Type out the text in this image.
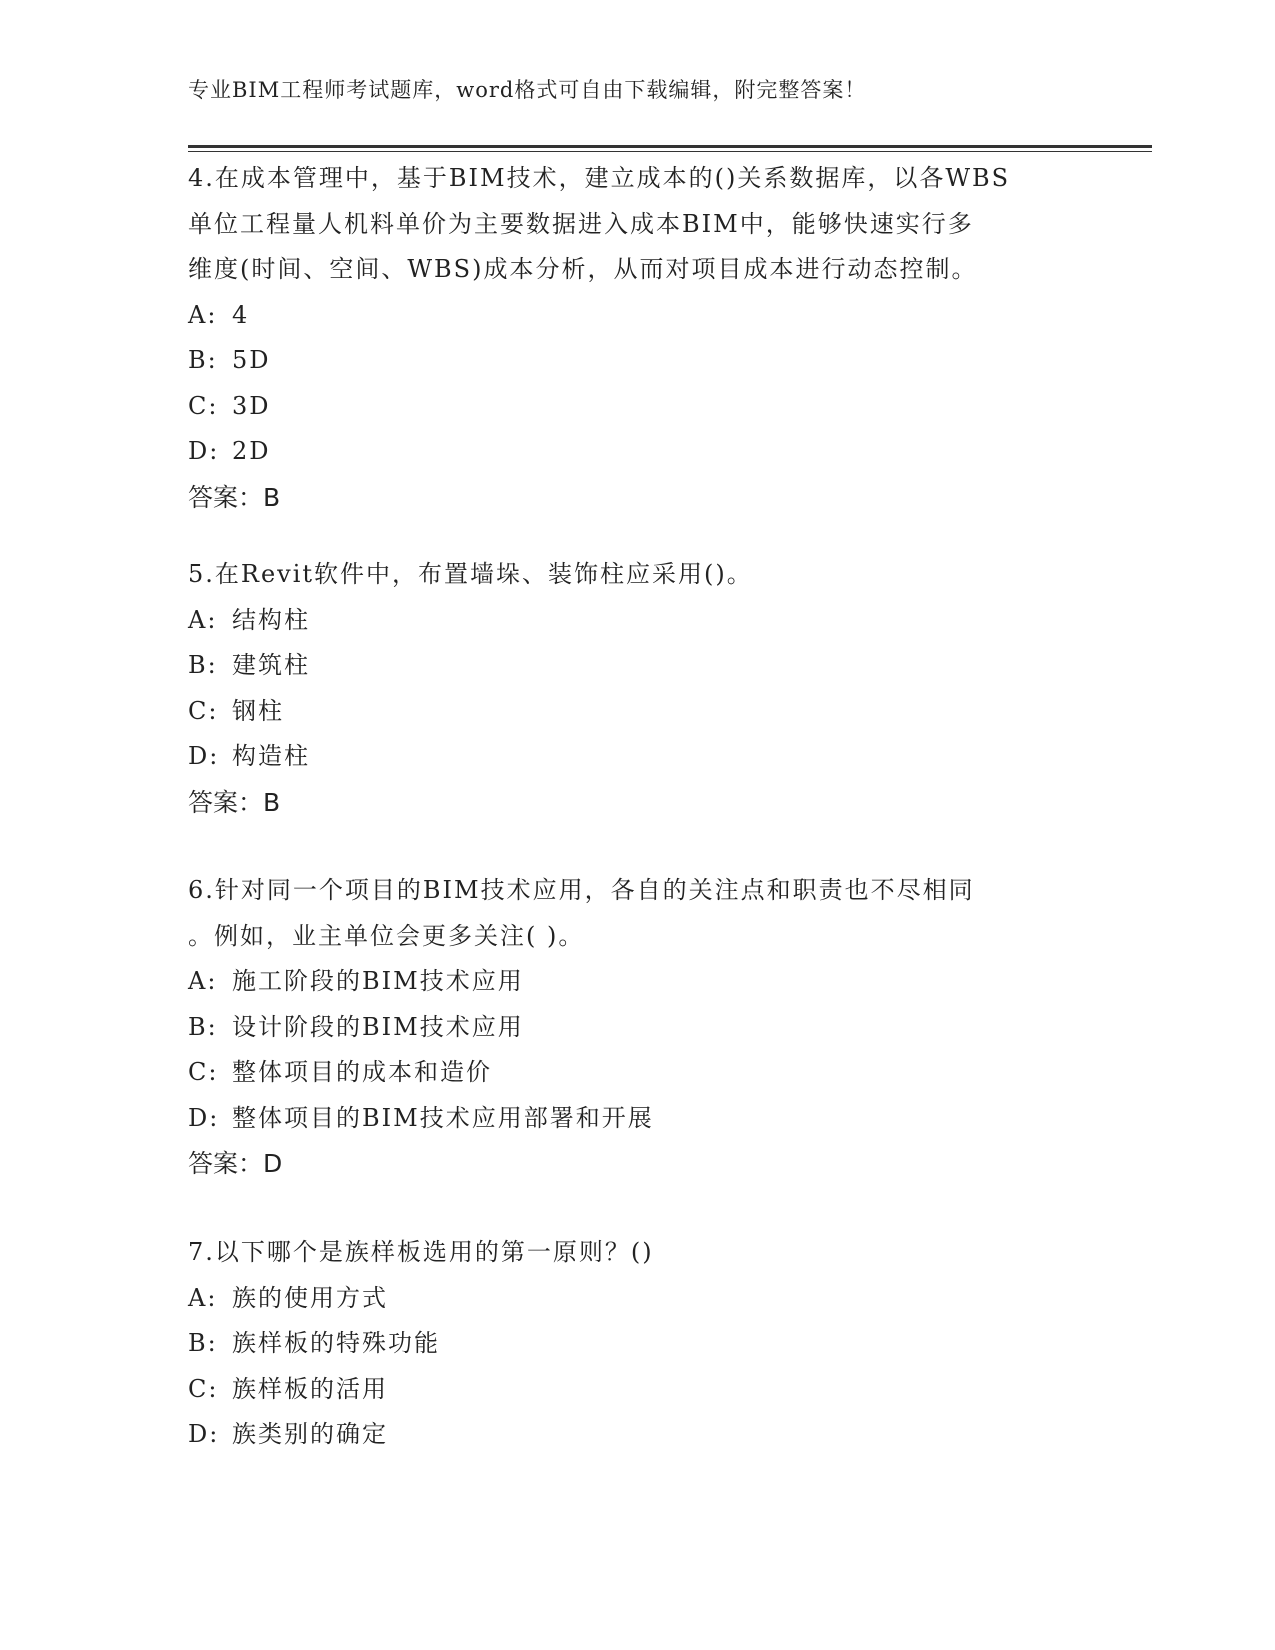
专业BIM工程师考试题库，word格式可自由下载编辑，附完整答案！

4.在成本管理中，基于BIM技术，建立成本的()关系数据库，以各WBS

单位工程量人机料单价为主要数据进入成本BIM中，能够快速实行多

维度(时间、空间、WBS)成本分析，从而对项目成本进行动态控制。

A: 4

B: 5D

C: 3D

D: 2D

答案：B

5.在Revit软件中，布置墙垛、装饰柱应采用()。

A: 结构柱

B: 建筑柱

C: 钢柱

D: 构造柱

答案：B

6.针对同一个项目的BIM技术应用，各自的关注点和职责也不尽相同

。例如，业主单位会更多关注( )。

A: 施工阶段的BIM技术应用

B: 设计阶段的BIM技术应用

C: 整体项目的成本和造价

D: 整体项目的BIM技术应用部署和开展

答案：D

7.以下哪个是族样板选用的第一原则？()

A: 族的使用方式

B: 族样板的特殊功能

C: 族样板的活用

D: 族类别的确定
